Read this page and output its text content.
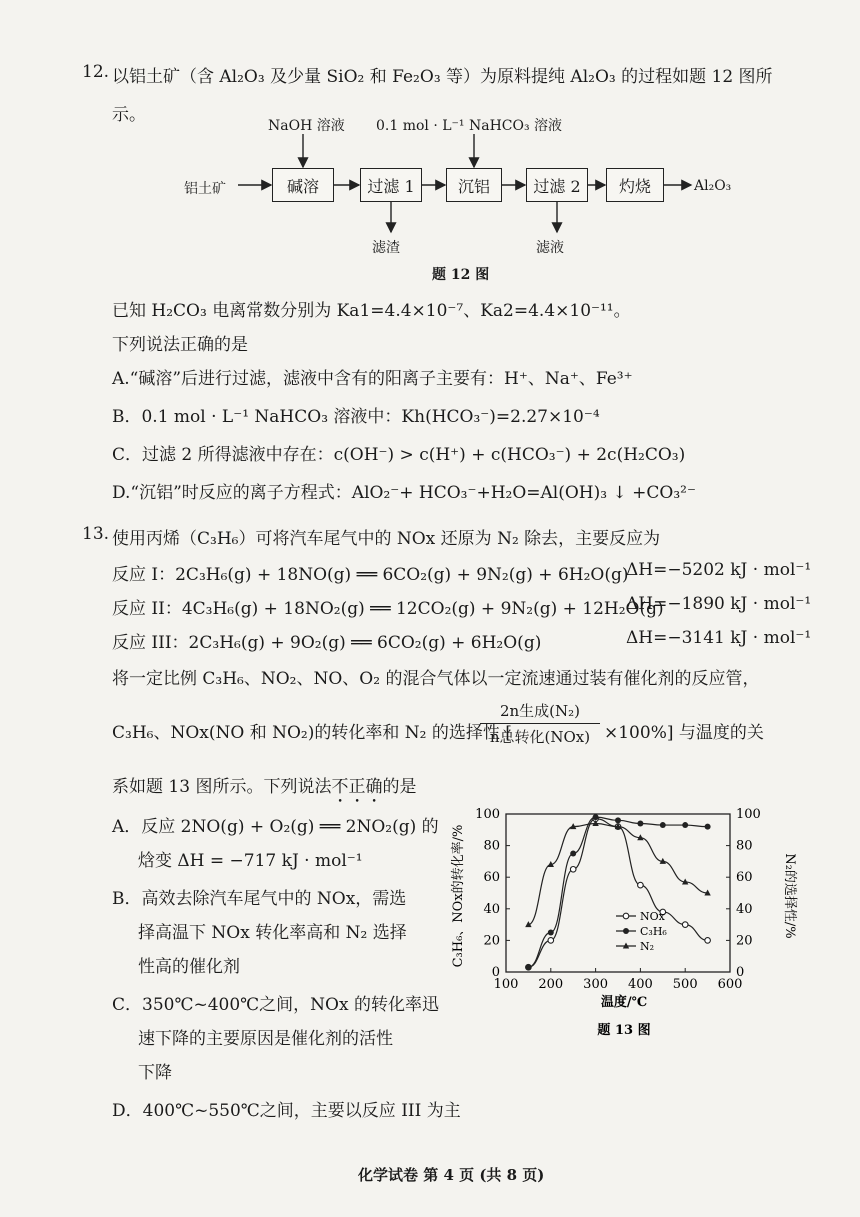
12. 以铝土矿（含 Al₂O₃ 及少量 SiO₂ 和 Fe₂O₃ 等）为原料提纯 Al₂O₃ 的过程如题 12 图所
示。
NaOH 溶液 0.1 mol · L⁻¹ NaHCO₃ 溶液
铝土矿	碱溶	过滤 1	沉铝	过滤 2	灼烧	Al₂O₃
滤渣	滤液
题 12 图
已知 H₂CO₃ 电离常数分别为 Ka1=4.4×10⁻⁷、Ka2=4.4×10⁻¹¹。
下列说法正确的是
A.“碱溶”后进行过滤，滤液中含有的阳离子主要有：H⁺、Na⁺、Fe³⁺
B．0.1 mol · L⁻¹ NaHCO₃ 溶液中：Kh(HCO₃⁻)=2.27×10⁻⁴
C．过滤 2 所得滤液中存在：c(OH⁻) > c(H⁺) + c(HCO₃⁻) + 2c(H₂CO₃)
D.“沉铝”时反应的离子方程式：AlO₂⁻+ HCO₃⁻+H₂O=Al(OH)₃ ↓ +CO₃²⁻
13. 使用丙烯（C₃H₆）可将汽车尾气中的 NOx 还原为 N₂ 除去，主要反应为
反应 I：2C₃H₆(g) + 18NO(g) ══ 6CO₂(g) + 9N₂(g) + 6H₂O(g)
ΔH=−5202 kJ · mol⁻¹
反应 II：4C₃H₆(g) + 18NO₂(g) ══ 12CO₂(g) + 9N₂(g) + 12H₂O(g)
ΔH=−1890 kJ · mol⁻¹
反应 III：2C₃H₆(g) + 9O₂(g) ══ 6CO₂(g) + 6H₂O(g)	ΔH=−3141 kJ · mol⁻¹
将一定比例 C₃H₆、NO₂、NO、O₂ 的混合气体以一定流速通过装有催化剂的反应管，
C₃H₆、NOx(NO 和 NO₂)的转化率和 N₂ 的选择性 [
2n生成(N₂)
n总转化(NOx) ×100%] 与温度的关
系如题 13 图所示。下列说法不正确的是
A．反应 2NO(g) + O₂(g) ══ 2NO₂(g) 的
焓变 ΔH = −717 kJ · mol⁻¹
B．高效去除汽车尾气中的 NOx，需选
择高温下 NOx 转化率高和 N₂ 选择
性高的催化剂
C．350℃~400℃之间，NOx 的转化率迅
速下降的主要原因是催化剂的活性
下降
D．400℃~550℃之间，主要以反应 III 为主
100 200 300 400 500 600
0	0
20	20
40	40
60	60
80	80
100	100
NOx
C₃H₆
N₂
C₃H₆、NOx的转化率/%	N₂的选择性/%
温度/℃
题 13 图
化学试卷 第 4 页 (共 8 页)
